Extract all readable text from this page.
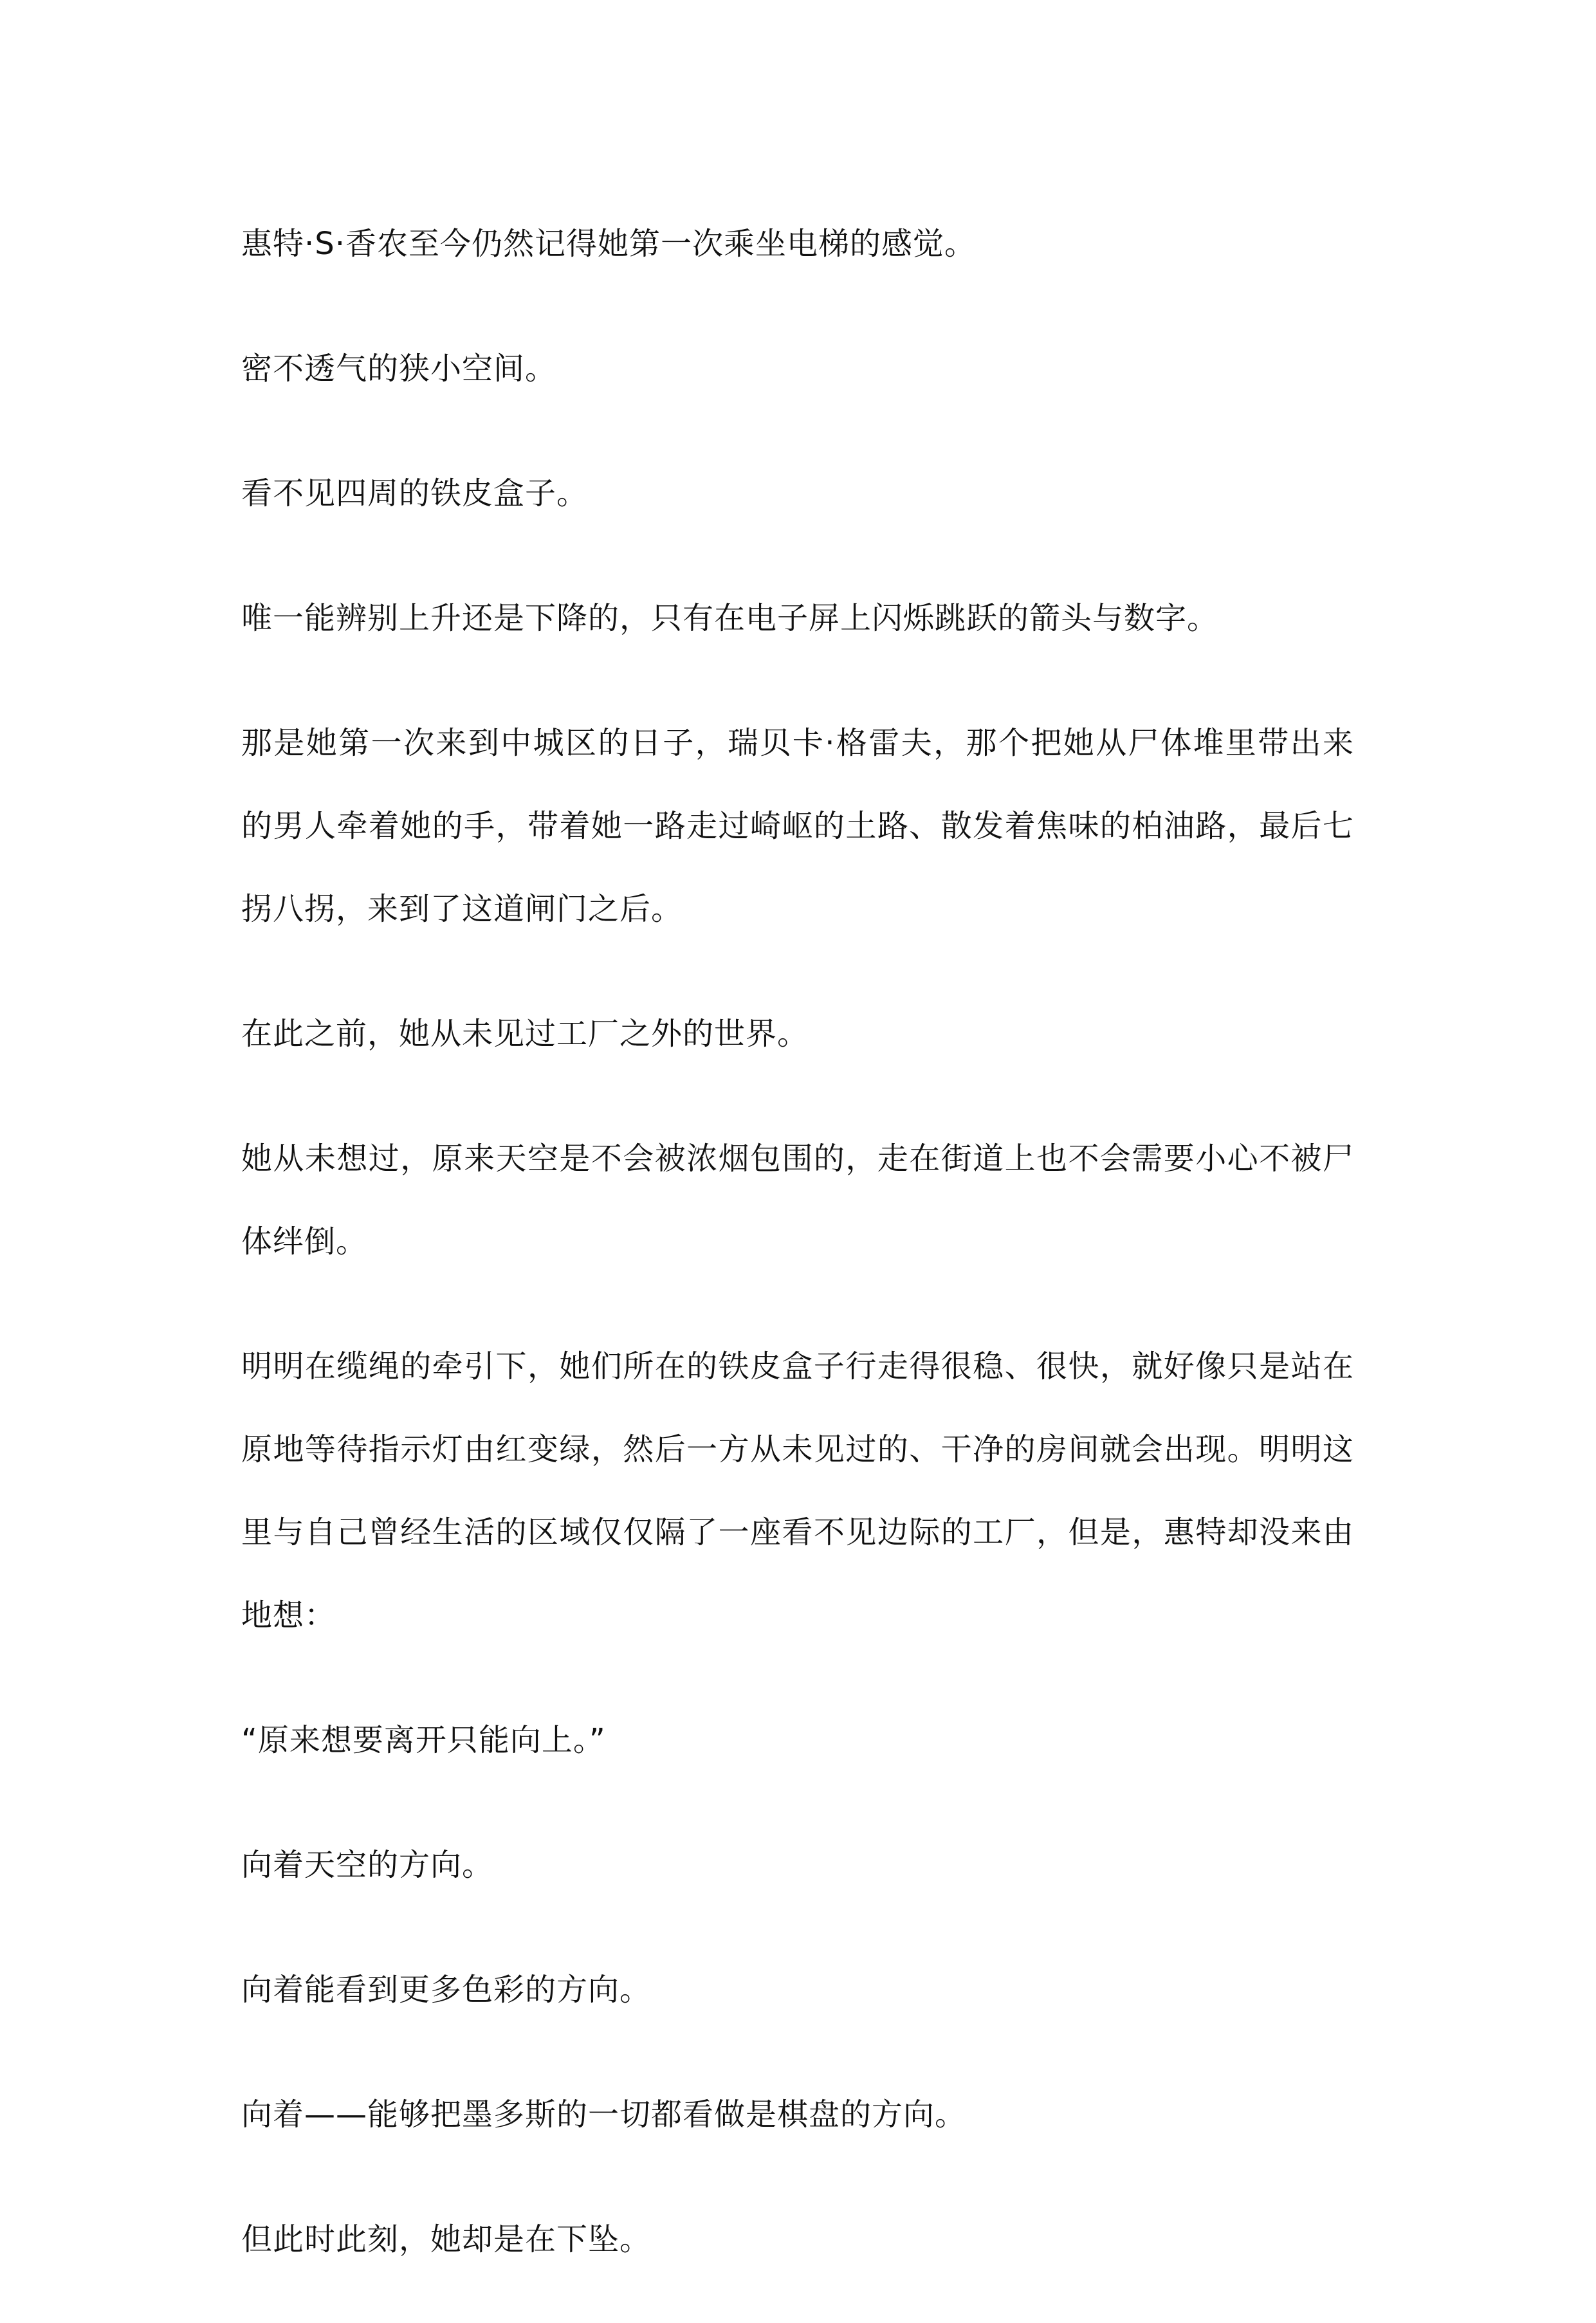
惠特·S·香农至今仍然记得她第一次乘坐电梯的感觉。

密不透气的狭小空间。

看不见四周的铁皮盒子。

唯一能辨别上升还是下降的，只有在电子屏上闪烁跳跃的箭头与数字。

那是她第一次来到中城区的日子，瑞贝卡·格雷夫，那个把她从尸体堆里带出来的男人牵着她的手，带着她一路走过崎岖的土路、散发着焦味的柏油路，最后七拐八拐，来到了这道闸门之后。

在此之前，她从未见过工厂之外的世界。

她从未想过，原来天空是不会被浓烟包围的，走在街道上也不会需要小心不被尸体绊倒。

明明在缆绳的牵引下，她们所在的铁皮盒子行走得很稳、很快，就好像只是站在原地等待指示灯由红变绿，然后一方从未见过的、干净的房间就会出现。明明这里与自己曾经生活的区域仅仅隔了一座看不见边际的工厂，但是，惠特却没来由地想：

“原来想要离开只能向上。”

向着天空的方向。

向着能看到更多色彩的方向。

向着——能够把墨多斯的一切都看做是棋盘的方向。

但此时此刻，她却是在下坠。
